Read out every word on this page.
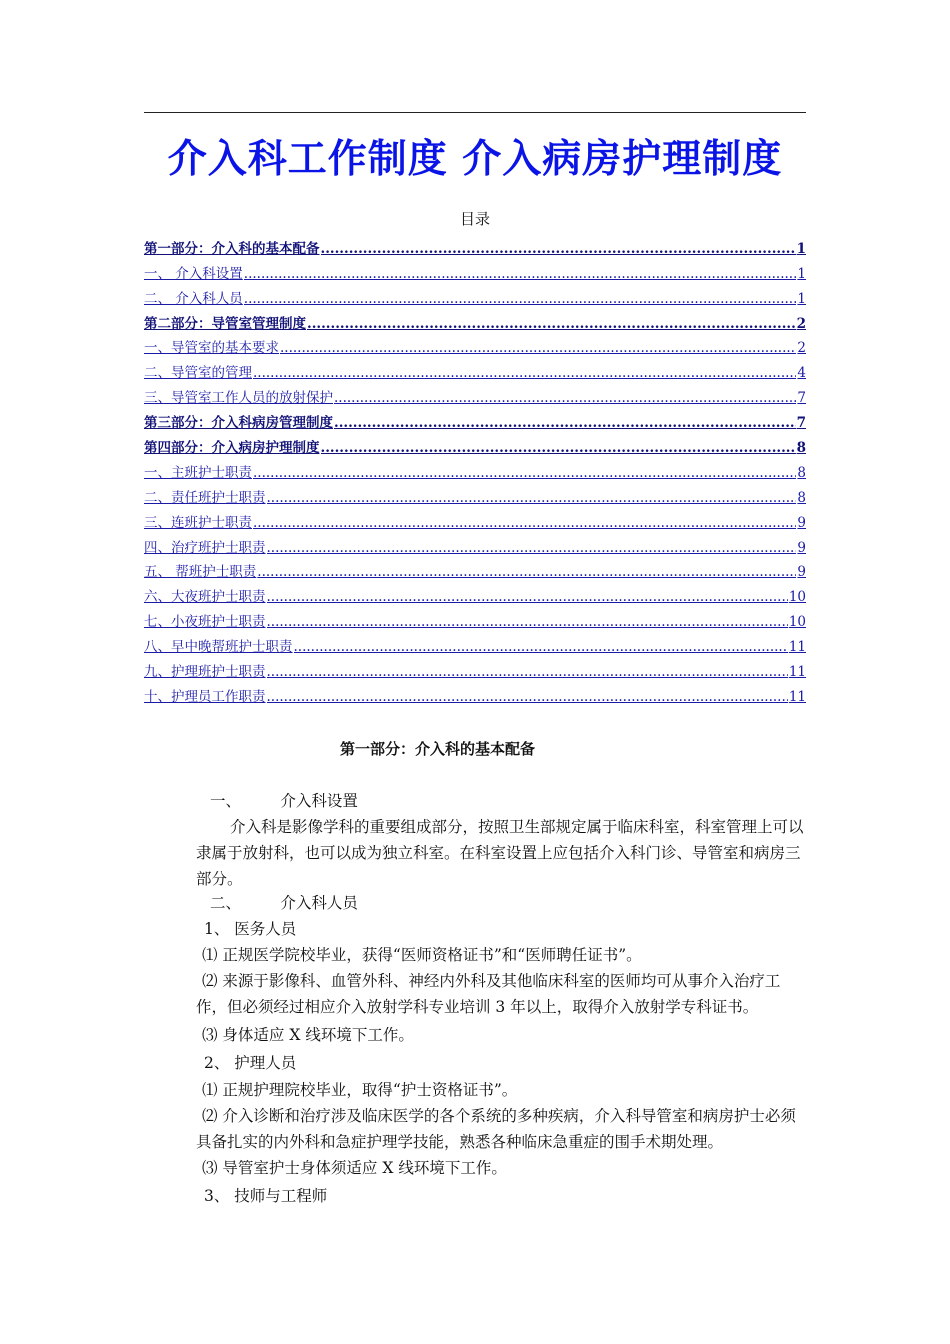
介入科工作制度 介入病房护理制度
目录
第一部分：介入科的基本配备 .....	1
一、 介入科设置 .....	1
二、 介入科人员 .....	1
第二部分：导管室管理制度 .....	2
一、导管室的基本要求 .....	2
二、导管室的管理 .....	4
三、导管室工作人员的放射保护 .....	7
第三部分：介入科病房管理制度 .....	7
第四部分：介入病房护理制度 .....	8
一、主班护士职责 .....	8
二、责任班护士职责 .....	8
三、连班护士职责 .....	9
四、治疗班护士职责 .....	9
五、 帮班护士职责 .....	9
六、大夜班护士职责 .....	10
七、小夜班护士职责 .....	10
八、早中晚帮班护士职责 .....	11
九、护理班护士职责 .....	11
十、护理员工作职责 .....	11
第一部分：介入科的基本配备
一、        介入科设置
介入科是影像学科的重要组成部分，按照卫生部规定属于临床科室，科室管理上可以隶属于放射科，也可以成为独立科室。在科室设置上应包括介入科门诊、导管室和病房三部分。
二、        介入科人员
1、 医务人员
⑴ 正规医学院校毕业，获得“医师资格证书”和“医师聘任证书”。
⑵ 来源于影像科、血管外科、神经内外科及其他临床科室的医师均可从事介入治疗工作，但必须经过相应介入放射学科专业培训 3 年以上，取得介入放射学专科证书。
⑶ 身体适应 X 线环境下工作。
2、 护理人员
⑴ 正规护理院校毕业，取得“护士资格证书”。
⑵ 介入诊断和治疗涉及临床医学的各个系统的多种疾病，介入科导管室和病房护士必须具备扎实的内外科和急症护理学技能，熟悉各种临床急重症的围手术期处理。
⑶ 导管室护士身体须适应 X 线环境下工作。
3、 技师与工程师
